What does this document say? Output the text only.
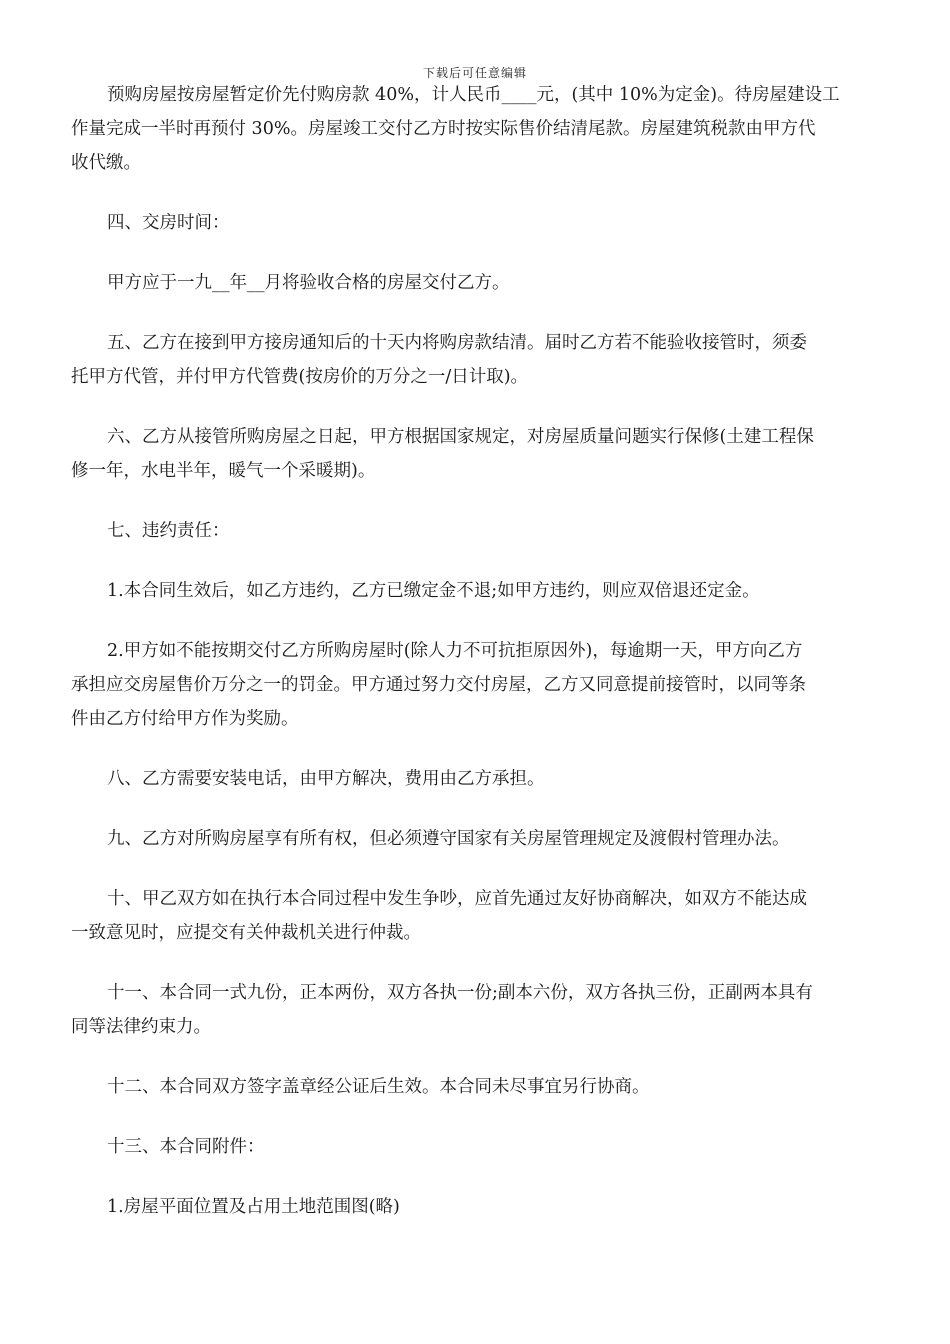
下载后可任意编辑
预购房屋按房屋暂定价先付购房款 40%，计人民币____元，(其中 10%为定金)。待房屋建设工
作量完成一半时再预付 30%。房屋竣工交付乙方时按实际售价结清尾款。房屋建筑税款由甲方代
收代缴。
四、交房时间：
甲方应于一九__年__月将验收合格的房屋交付乙方。
五、乙方在接到甲方接房通知后的十天内将购房款结清。届时乙方若不能验收接管时，须委
托甲方代管，并付甲方代管费(按房价的万分之一/日计取)。
六、乙方从接管所购房屋之日起，甲方根据国家规定，对房屋质量问题实行保修(土建工程保
修一年，水电半年，暖气一个采暖期)。
七、违约责任：
1.本合同生效后，如乙方违约，乙方已缴定金不退;如甲方违约，则应双倍退还定金。
2.甲方如不能按期交付乙方所购房屋时(除人力不可抗拒原因外)，每逾期一天，甲方向乙方
承担应交房屋售价万分之一的罚金。甲方通过努力交付房屋，乙方又同意提前接管时，以同等条
件由乙方付给甲方作为奖励。
八、乙方需要安装电话，由甲方解决，费用由乙方承担。
九、乙方对所购房屋享有所有权，但必须遵守国家有关房屋管理规定及渡假村管理办法。
十、甲乙双方如在执行本合同过程中发生争吵，应首先通过友好协商解决，如双方不能达成
一致意见时，应提交有关仲裁机关进行仲裁。
十一、本合同一式九份，正本两份，双方各执一份;副本六份，双方各执三份，正副两本具有
同等法律约束力。
十二、本合同双方签字盖章经公证后生效。本合同未尽事宜另行协商。
十三、本合同附件：
1.房屋平面位置及占用土地范围图(略)
